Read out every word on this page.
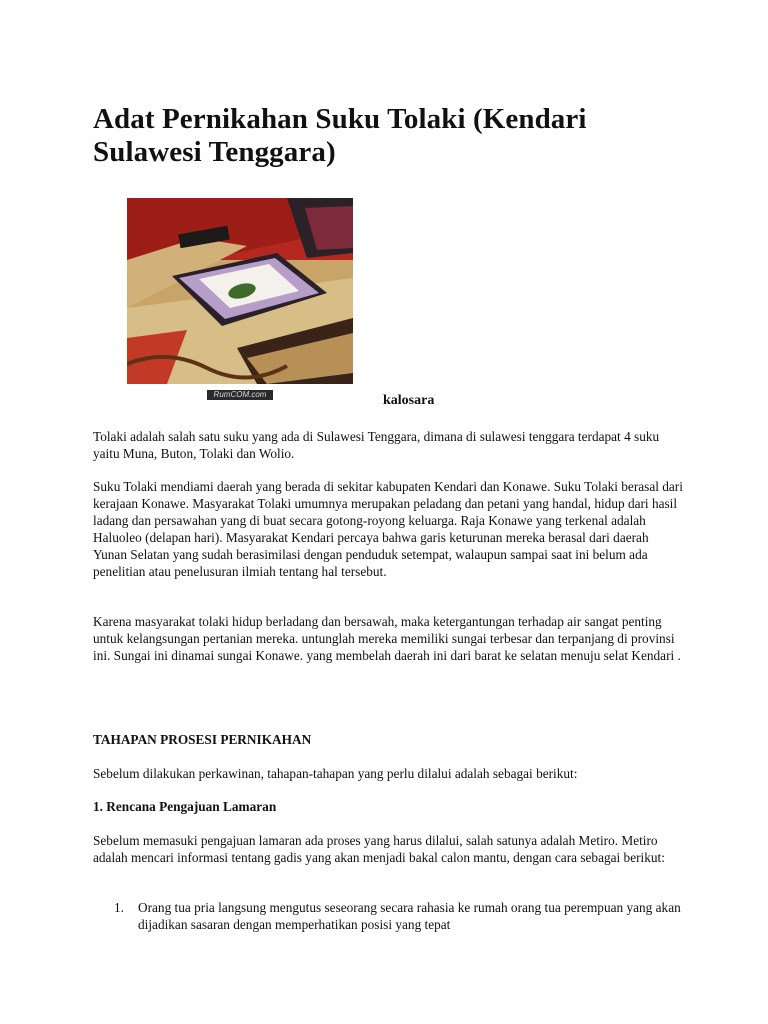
Adat Pernikahan Suku Tolaki (Kendari Sulawesi Tenggara)
RumCOM.com	kalosara

Tolaki adalah salah satu suku yang ada di Sulawesi Tenggara, dimana di sulawesi tenggara terdapat 4 suku yaitu Muna, Buton, Tolaki dan Wolio.

Suku Tolaki mendiami daerah yang berada di sekitar kabupaten Kendari dan Konawe. Suku Tolaki berasal dari kerajaan Konawe. Masyarakat Tolaki umumnya merupakan peladang dan petani yang handal, hidup dari hasil ladang dan persawahan yang di buat secara gotong-royong keluarga. Raja Konawe yang terkenal adalah Haluoleo (delapan hari). Masyarakat Kendari percaya bahwa garis keturunan mereka berasal dari daerah Yunan Selatan yang sudah berasimilasi dengan penduduk setempat, walaupun sampai saat ini belum ada penelitian atau penelusuran ilmiah tentang hal tersebut.

Karena masyarakat tolaki hidup berladang dan bersawah, maka ketergantungan terhadap air sangat penting untuk kelangsungan pertanian mereka. untunglah mereka memiliki sungai terbesar dan terpanjang di provinsi ini. Sungai ini dinamai sungai Konawe. yang membelah daerah ini dari barat ke selatan menuju selat Kendari .

TAHAPAN PROSESI PERNIKAHAN

Sebelum dilakukan perkawinan, tahapan-tahapan yang perlu dilalui adalah sebagai berikut:

1. Rencana Pengajuan Lamaran

Sebelum memasuki pengajuan lamaran ada proses yang harus dilalui, salah satunya adalah Metiro. Metiro adalah mencari informasi tentang gadis yang akan menjadi bakal calon mantu, dengan cara sebagai berikut:

1. Orang tua pria langsung mengutus seseorang secara rahasia ke rumah orang tua perempuan yang akan dijadikan sasaran dengan memperhatikan posisi yang tepat
